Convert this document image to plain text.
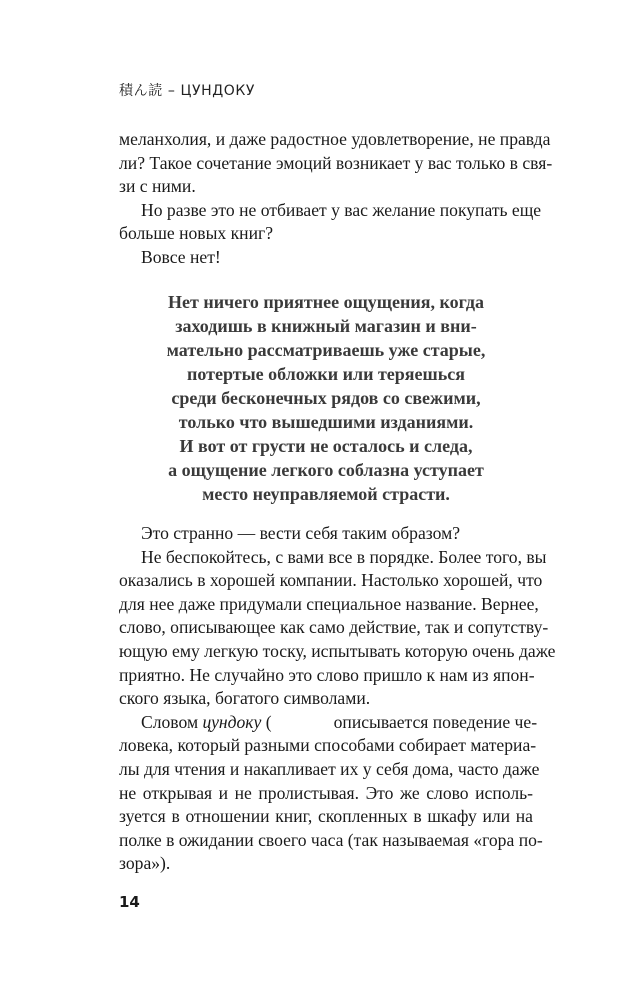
積ん読 – ЦУНДОКУ
меланхолия, и даже радостное удовлетворение, не правда
ли? Такое сочетание эмоций возникает у вас только в свя-
зи с ними.
Но разве это не отбивает у вас желание покупать еще
больше новых книг?
Вовсе нет!
Нет ничего приятнее ощущения, когда
заходишь в книжный магазин и вни-
мательно рассматриваешь уже старые,
потертые обложки или теряешься
среди бесконечных рядов со свежими,
только что вышедшими изданиями.
И вот от грусти не осталось и следа,
а ощущение легкого соблазна уступает
место неуправляемой страсти.
Это странно — вести себя таким образом?
Не беспокойтесь, с вами все в порядке. Более того, вы
оказались в хорошей компании. Настолько хорошей, что
для нее даже придумали специальное название. Вернее,
слово, описывающее как само действие, так и сопутству-
ющую ему легкую тоску, испытывать которую очень даже
приятно. Не случайно это слово пришло к нам из япон-
ского языка, богатого символами.
Словом цундоку (	описывается поведение че-
ловека, который разными способами собирает материа-
лы для чтения и накапливает их у себя дома, часто даже
не открывая и не пролистывая. Это же слово исполь-
зуется в отношении книг, скопленных в шкафу или на
полке в ожидании своего часа (так называемая «гора по-
зора»).
14
